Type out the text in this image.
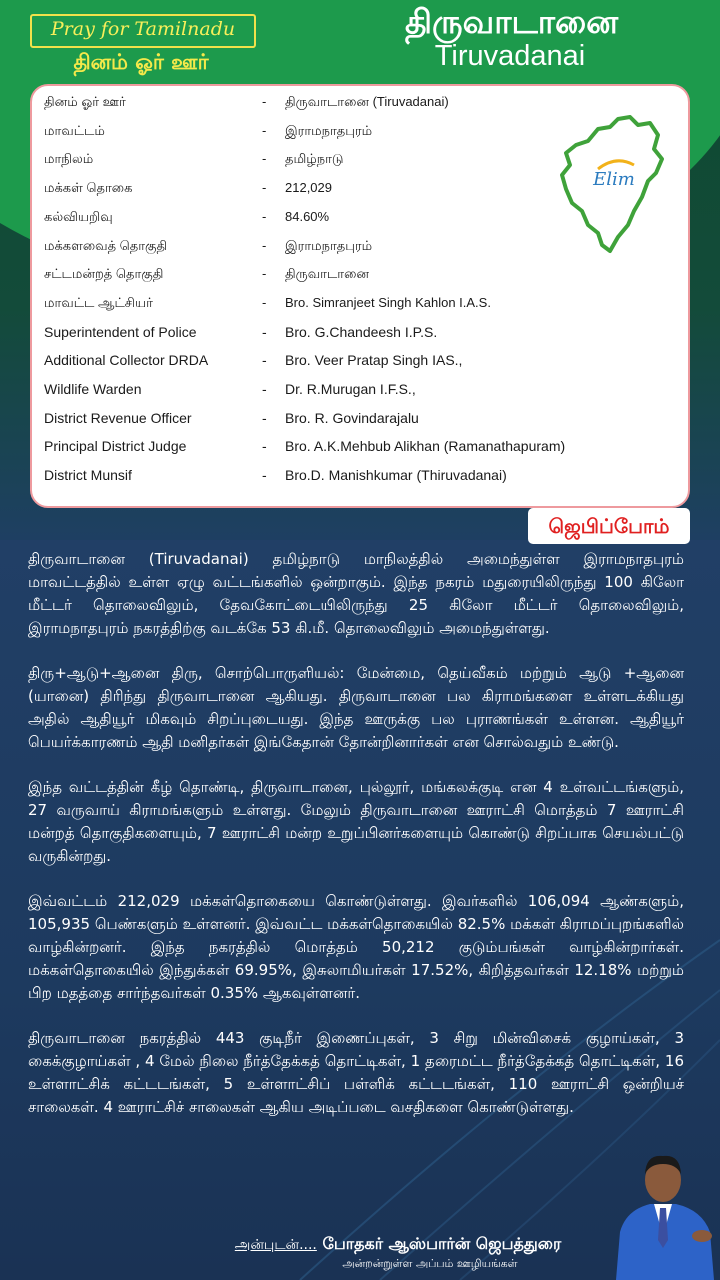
Pray for Tamilnadu
தினம் ஓர் ஊர்
திருவாடானை
Tiruvadanai
தினம் ஓர் ஊர்	- திருவாடானை (Tiruvadanai)
மாவட்டம்	- இராமநாதபுரம்
மாநிலம்	- தமிழ்நாடு
மக்கள் தொகை	- 212,029
கல்வியறிவு	- 84.60%
மக்களவைத் தொகுதி	- இராமநாதபுரம்
சட்டமன்றத் தொகுதி	- திருவாடானை
மாவட்ட ஆட்சியர்	- Bro. Simranjeet Singh Kahlon I.A.S.
Superintendent of Police	- Bro. G.Chandeesh I.P.S.
Additional Collector DRDA	- Bro. Veer Pratap Singh IAS.,
Wildlife Warden	- Dr. R.Murugan I.F.S.,
District Revenue Officer	- Bro. R. Govindarajalu
Principal District Judge	- Bro. A.K.Mehbub Alikhan (Ramanathapuram)
District Munsif	- Bro.D. Manishkumar (Thiruvadanai)
Elim
ஜெபிப்போம்

திருவாடானை (Tiruvadanai) தமிழ்நாடு மாநிலத்தில் அமைந்துள்ள இராமநாதபுரம் மாவட்டத்தில் உள்ள ஏழு வட்டங்களில் ஒன்றாகும். இந்த நகரம் மதுரையிலிருந்து 100 கிலோ மீட்டர் தொலைவிலும், தேவகோட்டையிலிருந்து 25 கிலோ மீட்டர் தொலைவிலும், இராமநாதபுரம் நகரத்திற்கு வடக்கே 53 கி.மீ. தொலைவிலும் அமைந்துள்ளது.

திரு+ஆடு+ஆனை திரு, சொற்பொருளியல்: மேன்மை, தெய்வீகம் மற்றும் ஆடு +ஆனை (யானை) திரிந்து திருவாடானை ஆகியது. திருவாடானை பல கிராமங்களை உள்ளடக்கியது அதில் ஆதியூர் மிகவும் சிறப்புடையது. இந்த ஊருக்கு பல புராணங்கள் உள்ளன. ஆதியூர் பெயர்க்காரணம் ஆதி மனிதர்கள் இங்கேதான் தோன்றினார்கள் என சொல்வதும் உண்டு.

இந்த வட்டத்தின் கீழ் தொண்டி, திருவாடானை, புல்லூர், மங்கலக்குடி என 4 உள்வட்டங்களும், 27 வருவாய் கிராமங்களும் உள்ளது. மேலும் திருவாடானை ஊராட்சி மொத்தம் 7 ஊராட்சி மன்றத் தொகுதிகளையும், 7 ஊராட்சி மன்ற உறுப்பினர்களையும் கொண்டு சிறப்பாக செயல்பட்டு வருகின்றது.

இவ்வட்டம் 212,029 மக்கள்தொகையை கொண்டுள்ளது. இவர்களில் 106,094 ஆண்களும், 105,935 பெண்களும் உள்ளனர். இவ்வட்ட மக்கள்தொகையில் 82.5% மக்கள் கிராமப்புறங்களில் வாழ்கின்றனர். இந்த நகரத்தில் மொத்தம் 50,212 குடும்பங்கள் வாழ்கின்றார்கள். மக்கள்தொகையில் இந்துக்கள் 69.95%, இசுலாமியர்கள் 17.52%, கிறித்தவர்கள் 12.18% மற்றும் பிற மதத்தை சார்ந்தவர்கள் 0.35% ஆகவுள்ளனர்.

திருவாடானை நகரத்தில் 443 குடிநீர் இணைப்புகள், 3 சிறு மின்விசைக் குழாய்கள், 3 கைக்குழாய்கள் , 4 மேல் நிலை நீர்த்தேக்கத் தொட்டிகள், 1 தரைமட்ட நீர்த்தேக்கத் தொட்டிகள், 16 உள்ளாட்சிக் கட்டடங்கள், 5 உள்ளாட்சிப் பள்ளிக் கட்டடங்கள், 110 ஊராட்சி ஒன்றியச் சாலைகள். 4 ஊராட்சிச் சாலைகள் ஆகிய அடிப்படை வசதிகளை கொண்டுள்ளது.

அன்புடன்.... போதகர் ஆஸ்பார்ன் ஜெபத்துரை
அன்றன்றுள்ள அப்பம் ஊழியங்கள்
